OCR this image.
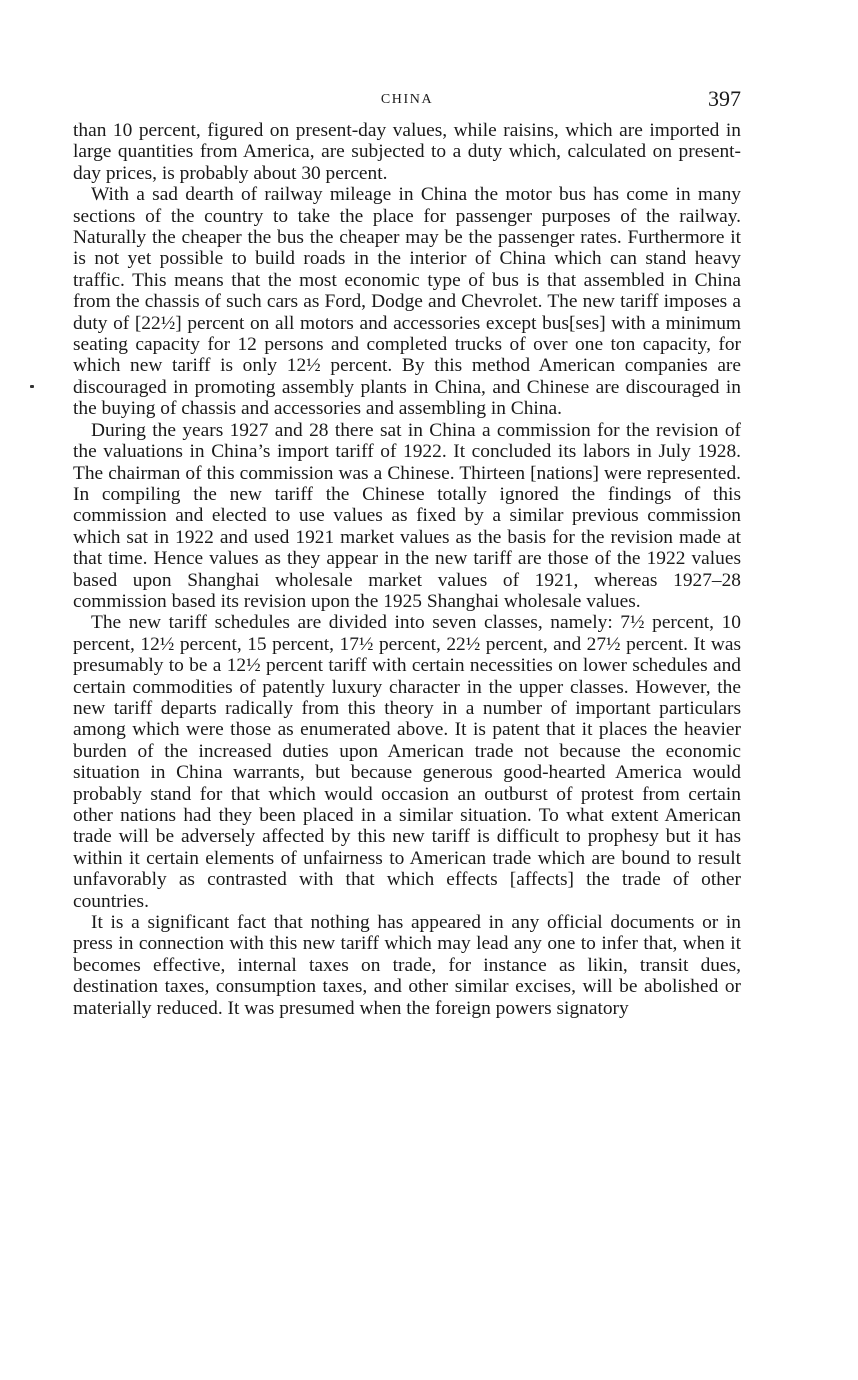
CHINA	397

than 10 percent, figured on present-day values, while raisins, which are imported in large quantities from America, are subjected to a duty which, calculated on present-day prices, is probably about 30 percent.

With a sad dearth of railway mileage in China the motor bus has come in many sections of the country to take the place for passenger purposes of the railway. Naturally the cheaper the bus the cheaper may be the passenger rates. Furthermore it is not yet possible to build roads in the interior of China which can stand heavy traffic. This means that the most economic type of bus is that assembled in China from the chassis of such cars as Ford, Dodge and Chevrolet. The new tariff imposes a duty of [22½] percent on all motors and accessories except bus[ses] with a minimum seating capacity for 12 persons and completed trucks of over one ton capacity, for which new tariff is only 12½ percent. By this method American companies are discouraged in promoting assembly plants in China, and Chinese are discouraged in the buying of chassis and accessories and assembling in China.

During the years 1927 and 28 there sat in China a commission for the revision of the valuations in China’s import tariff of 1922. It concluded its labors in July 1928. The chairman of this commission was a Chinese. Thirteen [nations] were represented. In compiling the new tariff the Chinese totally ignored the findings of this commission and elected to use values as fixed by a similar previous commission which sat in 1922 and used 1921 market values as the basis for the revision made at that time. Hence values as they appear in the new tariff are those of the 1922 values based upon Shanghai wholesale market values of 1921, whereas 1927–28 commission based its revision upon the 1925 Shanghai wholesale values.

The new tariff schedules are divided into seven classes, namely: 7½ percent, 10 percent, 12½ percent, 15 percent, 17½ percent, 22½ percent, and 27½ percent. It was presumably to be a 12½ percent tariff with certain necessities on lower schedules and certain commodities of patently luxury character in the upper classes. However, the new tariff departs radically from this theory in a number of important particulars among which were those as enumerated above. It is patent that it places the heavier burden of the increased duties upon American trade not because the economic situation in China warrants, but because generous good-hearted America would probably stand for that which would occasion an outburst of protest from certain other nations had they been placed in a similar situation. To what extent American trade will be adversely affected by this new tariff is difficult to prophesy but it has within it certain elements of unfairness to American trade which are bound to result unfavorably as contrasted with that which effects [affects] the trade of other countries.

It is a significant fact that nothing has appeared in any official documents or in press in connection with this new tariff which may lead any one to infer that, when it becomes effective, internal taxes on trade, for instance as likin, transit dues, destination taxes, consumption taxes, and other similar excises, will be abolished or materially reduced. It was presumed when the foreign powers signatory
